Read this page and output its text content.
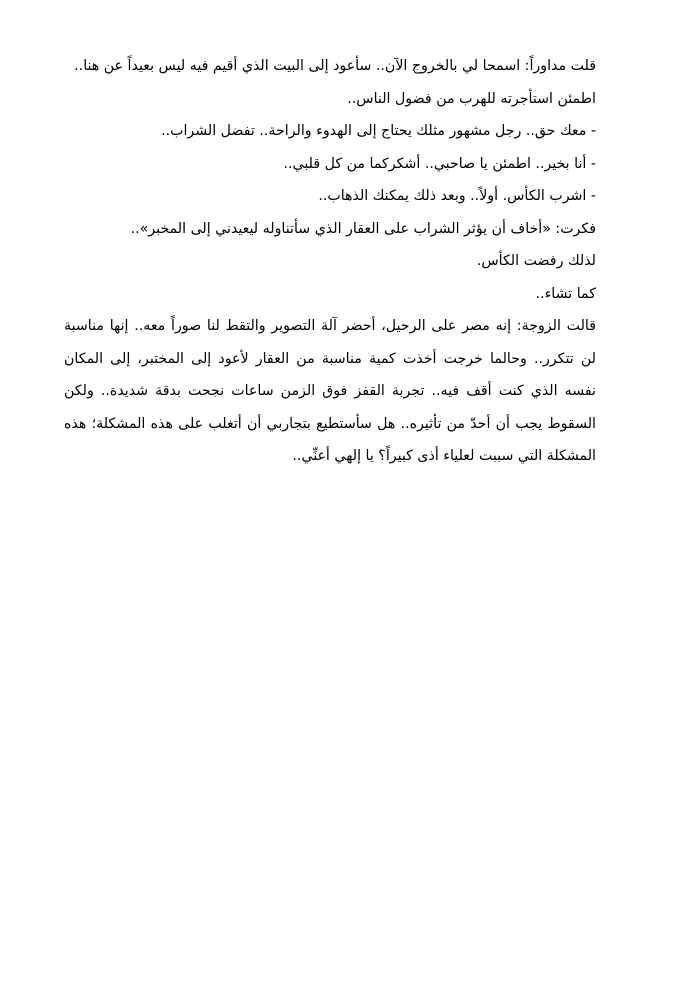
قلت مداوراً: اسمحا لي بالخروج الآن.. سأعود إلى البيت الذي أقيم فيه ليس بعيداً عن هنا.. اطمئن استأجرته للهرب من فضول الناس..

- معك حق.. رجل مشهور مثلك يحتاج إلى الهدوء والراحة.. تفضل الشراب..

- أنا بخير.. اطمئن يا صاحبي.. أشكركما من كل قلبي..

- اشرب الكأس. أولاً.. وبعد ذلك يمكنك الذهاب..

فكرت: «أخاف أن يؤثر الشراب على العقار الذي سأتناوله ليعيدني إلى المخبر»..

لذلك رفضت الكأس.

كما تشاء..

قالت الزوجة: إنه مصر على الرحيل، أحضر آلة التصوير والتقط لنا صوراً معه.. إنها مناسبة لن تتكرر.. وحالما خرجت أخذت كمية مناسبة من العقار لأعود إلى المختبر، إلى المكان نفسه الذي كنت أقف فيه.. تجربة القفز فوق الزمن ساعات نجحت بدقة شديدة.. ولكن السقوط يجب أن أحدّ من تأثيره.. هل سأستطيع بتجاربي أن أتغلب على هذه المشكلة؛ هذه المشكلة التي سببت لعلياء أذى كبيراً؟ يا إلهي أعنِّي..
